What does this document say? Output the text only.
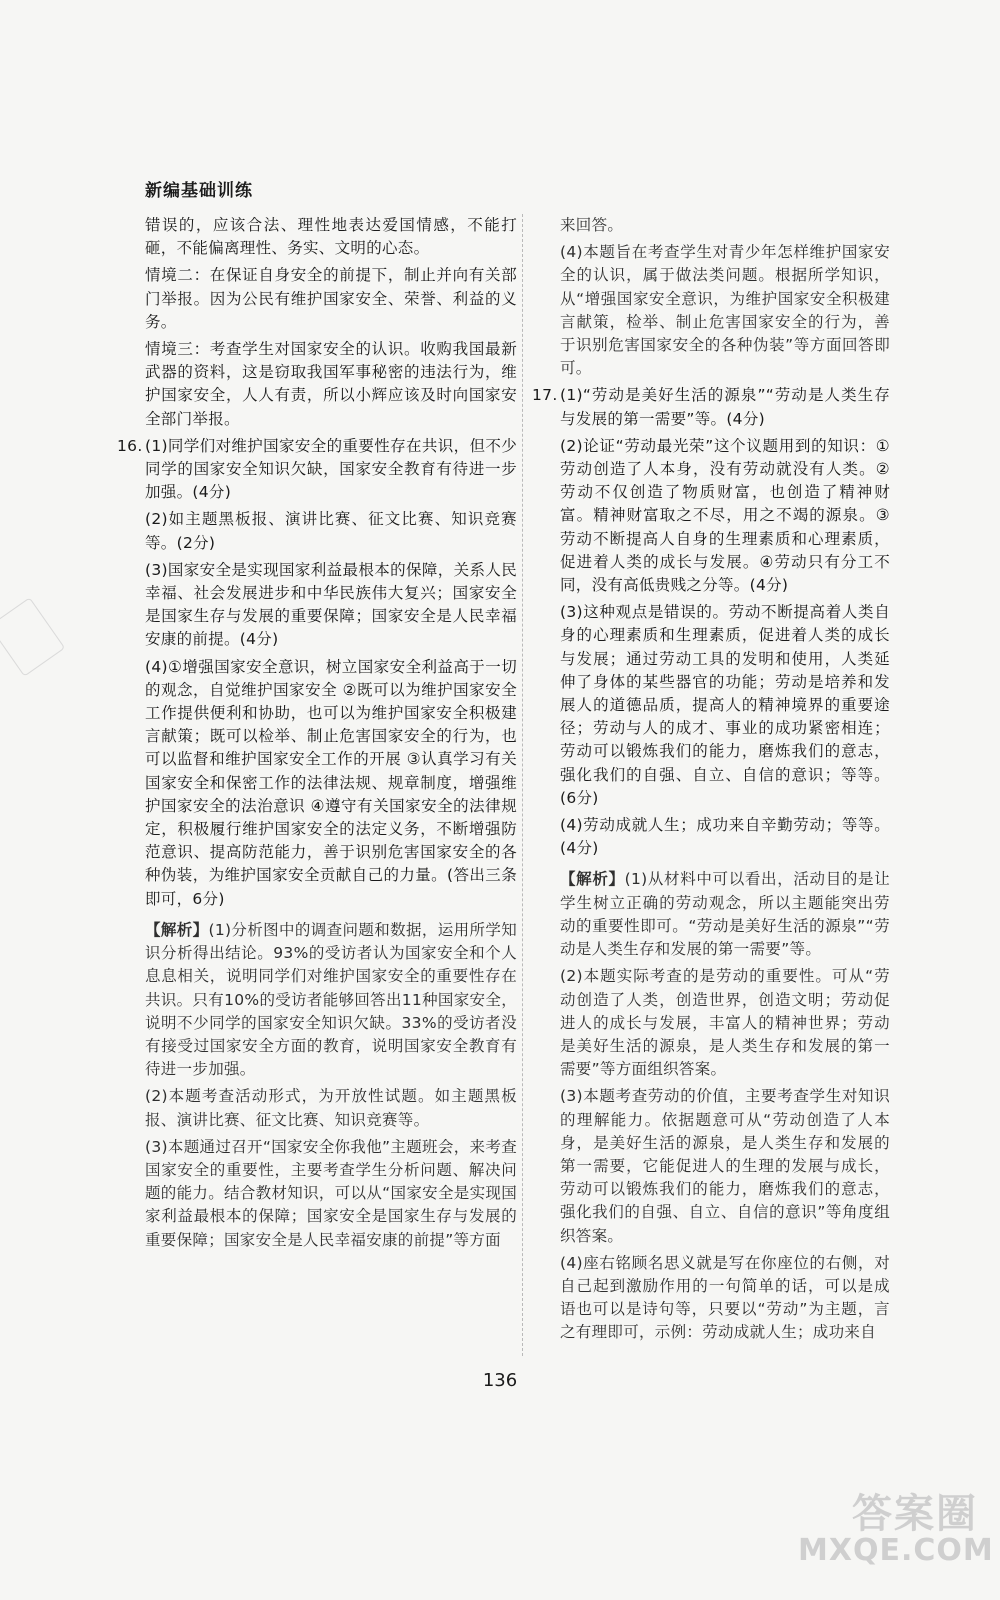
新编基础训练

错误的，应该合法、理性地表达爱国情感，不能打砸，不能偏离理性、务实、文明的心态。

情境二：在保证自身安全的前提下，制止并向有关部门举报。因为公民有维护国家安全、荣誉、利益的义务。

情境三：考查学生对国家安全的认识。收购我国最新武器的资料，这是窃取我国军事秘密的违法行为，维护国家安全，人人有责，所以小辉应该及时向国家安全部门举报。

16. (1)同学们对维护国家安全的重要性存在共识，但不少同学的国家安全知识欠缺，国家安全教育有待进一步加强。(4分)

(2)如主题黑板报、演讲比赛、征文比赛、知识竞赛等。(2分)

(3)国家安全是实现国家利益最根本的保障，关系人民幸福、社会发展进步和中华民族伟大复兴；国家安全是国家生存与发展的重要保障；国家安全是人民幸福安康的前提。(4分)

(4)①增强国家安全意识，树立国家安全利益高于一切的观念，自觉维护国家安全 ②既可以为维护国家安全工作提供便利和协助，也可以为维护国家安全积极建言献策；既可以检举、制止危害国家安全的行为，也可以监督和维护国家安全工作的开展 ③认真学习有关国家安全和保密工作的法律法规、规章制度，增强维护国家安全的法治意识 ④遵守有关国家安全的法律规定，积极履行维护国家安全的法定义务，不断增强防范意识、提高防范能力，善于识别危害国家安全的各种伪装，为维护国家安全贡献自己的力量。(答出三条即可，6分)

【解析】(1)分析图中的调查问题和数据，运用所学知识分析得出结论。93%的受访者认为国家安全和个人息息相关，说明同学们对维护国家安全的重要性存在共识。只有10%的受访者能够回答出11种国家安全，说明不少同学的国家安全知识欠缺。33%的受访者没有接受过国家安全方面的教育，说明国家安全教育有待进一步加强。

(2)本题考查活动形式，为开放性试题。如主题黑板报、演讲比赛、征文比赛、知识竞赛等。

(3)本题通过召开“国家安全你我他”主题班会，来考查国家安全的重要性，主要考查学生分析问题、解决问题的能力。结合教材知识，可以从“国家安全是实现国家利益最根本的保障；国家安全是国家生存与发展的重要保障；国家安全是人民幸福安康的前提”等方面

来回答。

(4)本题旨在考查学生对青少年怎样维护国家安全的认识，属于做法类问题。根据所学知识，从“增强国家安全意识，为维护国家安全积极建言献策，检举、制止危害国家安全的行为，善于识别危害国家安全的各种伪装”等方面回答即可。

17. (1)“劳动是美好生活的源泉”“劳动是人类生存与发展的第一需要”等。(4分)

(2)论证“劳动最光荣”这个议题用到的知识：①劳动创造了人本身，没有劳动就没有人类。②劳动不仅创造了物质财富，也创造了精神财富。精神财富取之不尽，用之不竭的源泉。③劳动不断提高人自身的生理素质和心理素质，促进着人类的成长与发展。④劳动只有分工不同，没有高低贵贱之分等。(4分)

(3)这种观点是错误的。劳动不断提高着人类自身的心理素质和生理素质，促进着人类的成长与发展；通过劳动工具的发明和使用，人类延伸了身体的某些器官的功能；劳动是培养和发展人的道德品质，提高人的精神境界的重要途径；劳动与人的成才、事业的成功紧密相连；劳动可以锻炼我们的能力，磨炼我们的意志，强化我们的自强、自立、自信的意识；等等。(6分)

(4)劳动成就人生；成功来自辛勤劳动；等等。(4分)

【解析】(1)从材料中可以看出，活动目的是让学生树立正确的劳动观念，所以主题能突出劳动的重要性即可。“劳动是美好生活的源泉”“劳动是人类生存和发展的第一需要”等。

(2)本题实际考查的是劳动的重要性。可从“劳动创造了人类，创造世界，创造文明；劳动促进人的成长与发展，丰富人的精神世界；劳动是美好生活的源泉，是人类生存和发展的第一需要”等方面组织答案。

(3)本题考查劳动的价值，主要考查学生对知识的理解能力。依据题意可从“劳动创造了人本身，是美好生活的源泉，是人类生存和发展的第一需要，它能促进人的生理的发展与成长，劳动可以锻炼我们的能力，磨炼我们的意志，强化我们的自强、自立、自信的意识”等角度组织答案。

(4)座右铭顾名思义就是写在你座位的右侧，对自己起到激励作用的一句简单的话，可以是成语也可以是诗句等，只要以“劳动”为主题，言之有理即可，示例：劳动成就人生；成功来自

136
答案圈
MXQE.COM
